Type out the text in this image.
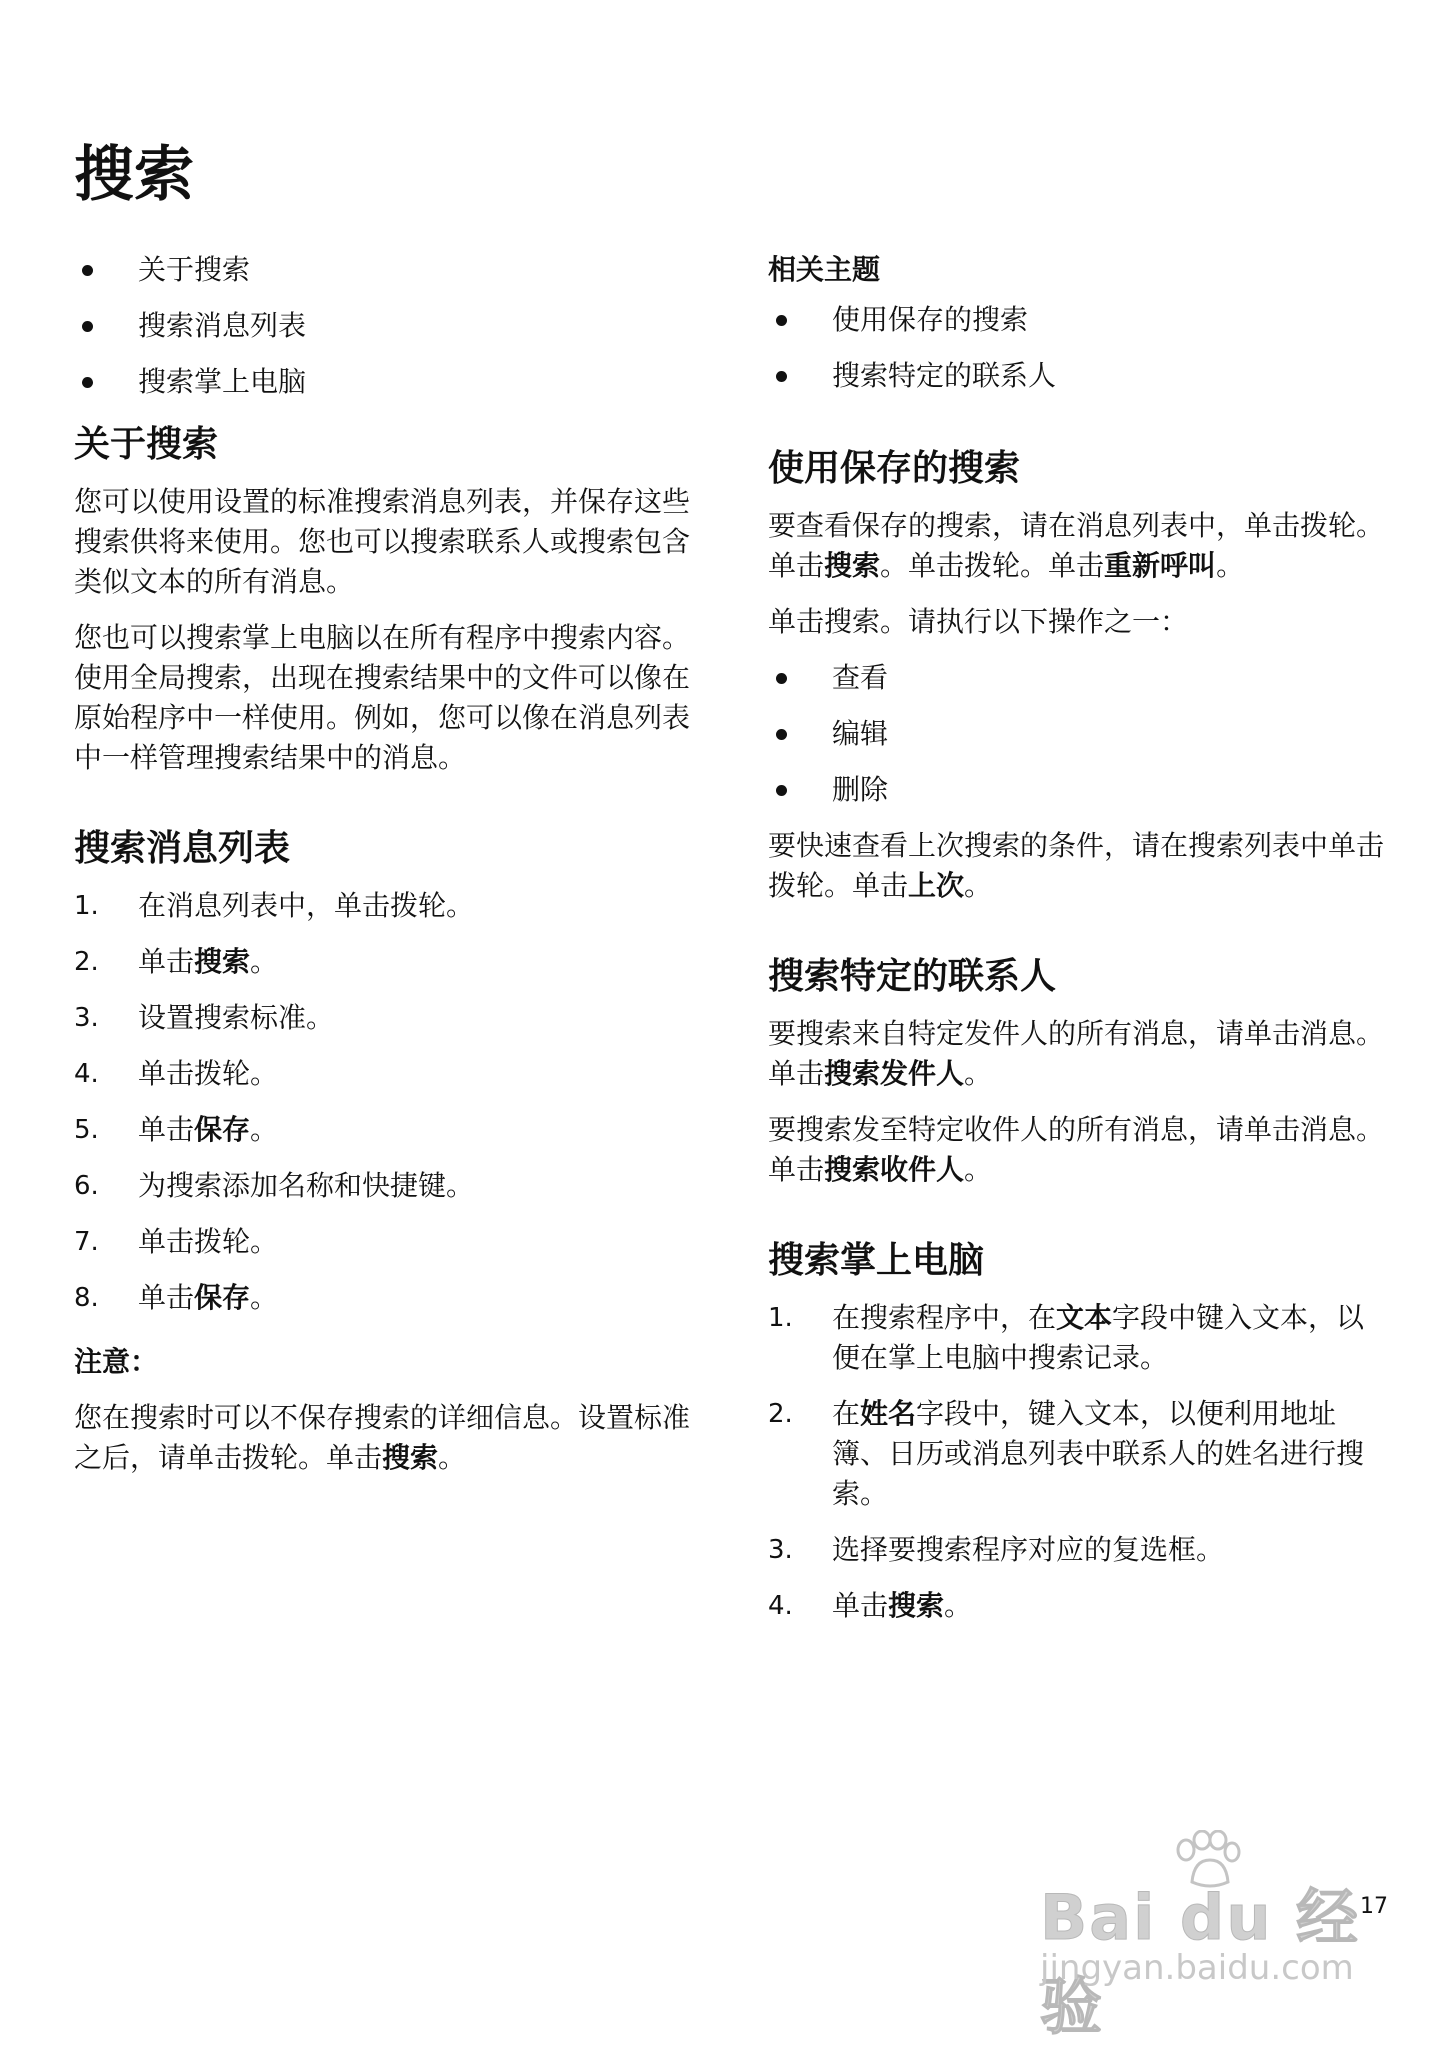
搜索
关于搜索
搜索消息列表
搜索掌上电脑
关于搜索

您可以使用设置的标准搜索消息列表，并保存这些搜索供将来使用。您也可以搜索联系人或搜索包含类似文本的所有消息。

您也可以搜索掌上电脑以在所有程序中搜索内容。使用全局搜索，出现在搜索结果中的文件可以像在原始程序中一样使用。例如，您可以像在消息列表中一样管理搜索结果中的消息。

搜索消息列表
1. 在消息列表中，单击拨轮。
2. 单击搜索。
3. 设置搜索标准。
4. 单击拨轮。
5. 单击保存。
6. 为搜索添加名称和快捷键。
7. 单击拨轮。
8. 单击保存。
注意：

您在搜索时可以不保存搜索的详细信息。设置标准之后，请单击拨轮。单击搜索。

相关主题
使用保存的搜索
搜索特定的联系人
使用保存的搜索

要查看保存的搜索，请在消息列表中，单击拨轮。单击搜索。单击拨轮。单击重新呼叫。

单击搜索。请执行以下操作之一：

查看
编辑
删除

要快速查看上次搜索的条件，请在搜索列表中单击拨轮。单击上次。

搜索特定的联系人

要搜索来自特定发件人的所有消息，请单击消息。单击搜索发件人。

要搜索发至特定收件人的所有消息，请单击消息。单击搜索收件人。

搜索掌上电脑
1. 在搜索程序中，在文本字段中键入文本，以便在掌上电脑中搜索记录。
2. 在姓名字段中，键入文本，以便利用地址簿、日历或消息列表中联系人的姓名进行搜索。
3. 选择要搜索程序对应的复选框。
4. 单击搜索。
Bai du 经验
jingyan.baidu.com
17
